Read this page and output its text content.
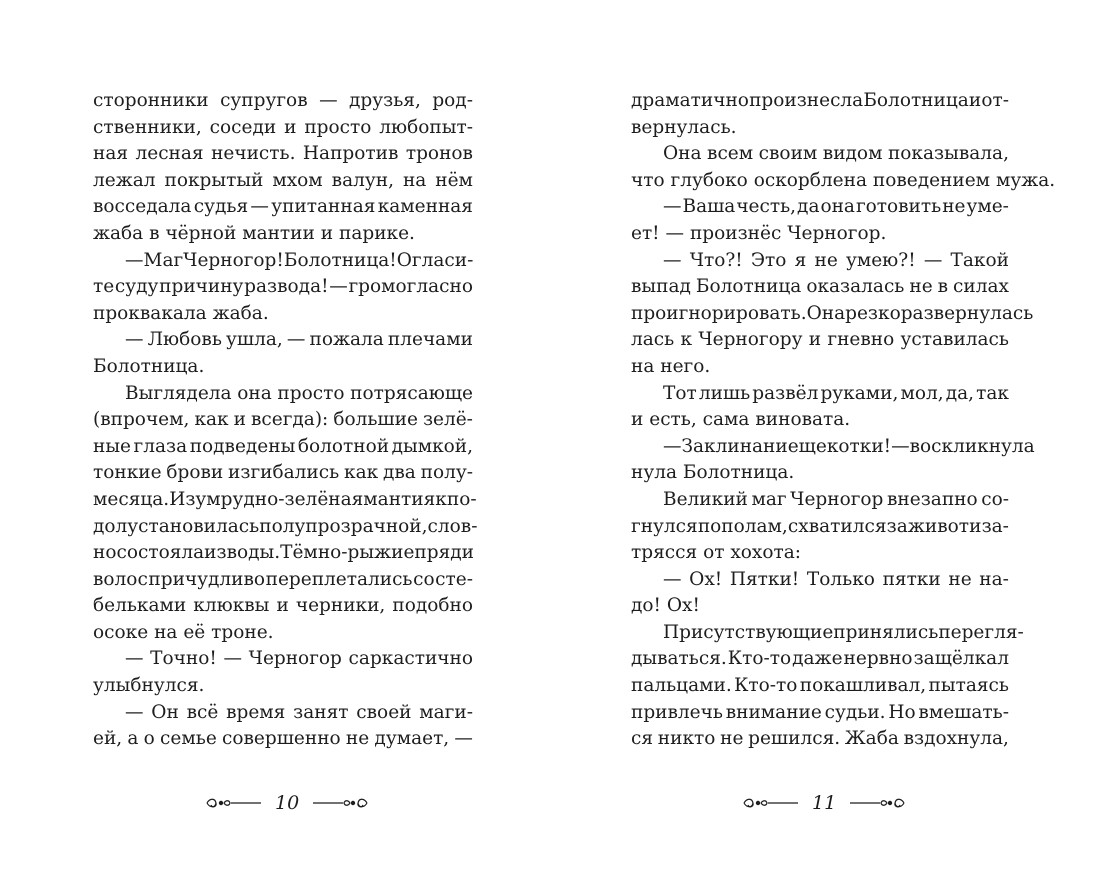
сторонники супругов — друзья, род-
ственники, соседи и просто любопыт-
ная лесная нечисть. Напротив тронов
лежал покрытый мхом валун, на нём
восседала судья — упитанная каменная
жаба в чёрной мантии и парике.
— Маг Черногор! Болотница! Огласи-
те суду причину развода! — громогласно
проквакала жаба.
— Любовь ушла, — пожала плечами
Болотница.
Выглядела она просто потрясающе
(впрочем, как и всегда): большие зелё-
ные глаза подведены болотной дымкой,
тонкие брови изгибались как два полу-
месяца. Изумрудно-зелёная мантия к по-
долу становилась полупрозрачной, слов-
но состояла из воды. Тёмно-рыжие пряди
волос причудливо переплетались со сте-
бельками клюквы и черники, подобно
осоке на её троне.
— Точно! — Черногор саркастично
улыбнулся.
— Он всё время занят своей маги-
ей, а о семье совершенно не думает, —
драматично произнесла Болотница и от-
вернулась.
Она всем своим видом показывала,
что глубоко оскорблена поведением мужа.
— Ваша честь, да она готовить не уме-
ет! — произнёс Черногор.
— Что?! Это я не умею?! — Такой
выпад Болотница оказалась не в силах
проигнорировать. Она резко развернулась
лась к Черногору и гневно уставилась
на него.
Тот лишь развёл руками, мол, да, так
и есть, сама виновата.
— Заклинание щекотки! — воскликнула
нула Болотница.
Великий маг Черногор внезапно со-
гнулся пополам, схватился за живот и за-
трясся от хохота:
— Ох! Пятки! Только пятки не на-
до! Ох!
Присутствующие принялись перегля-
дываться. Кто-то даже нервно защёлкал
пальцами. Кто-то покашливал, пытаясь
привлечь внимание судьи. Но вмешать-
ся никто не решился. Жаба вздохнула,
10	11
